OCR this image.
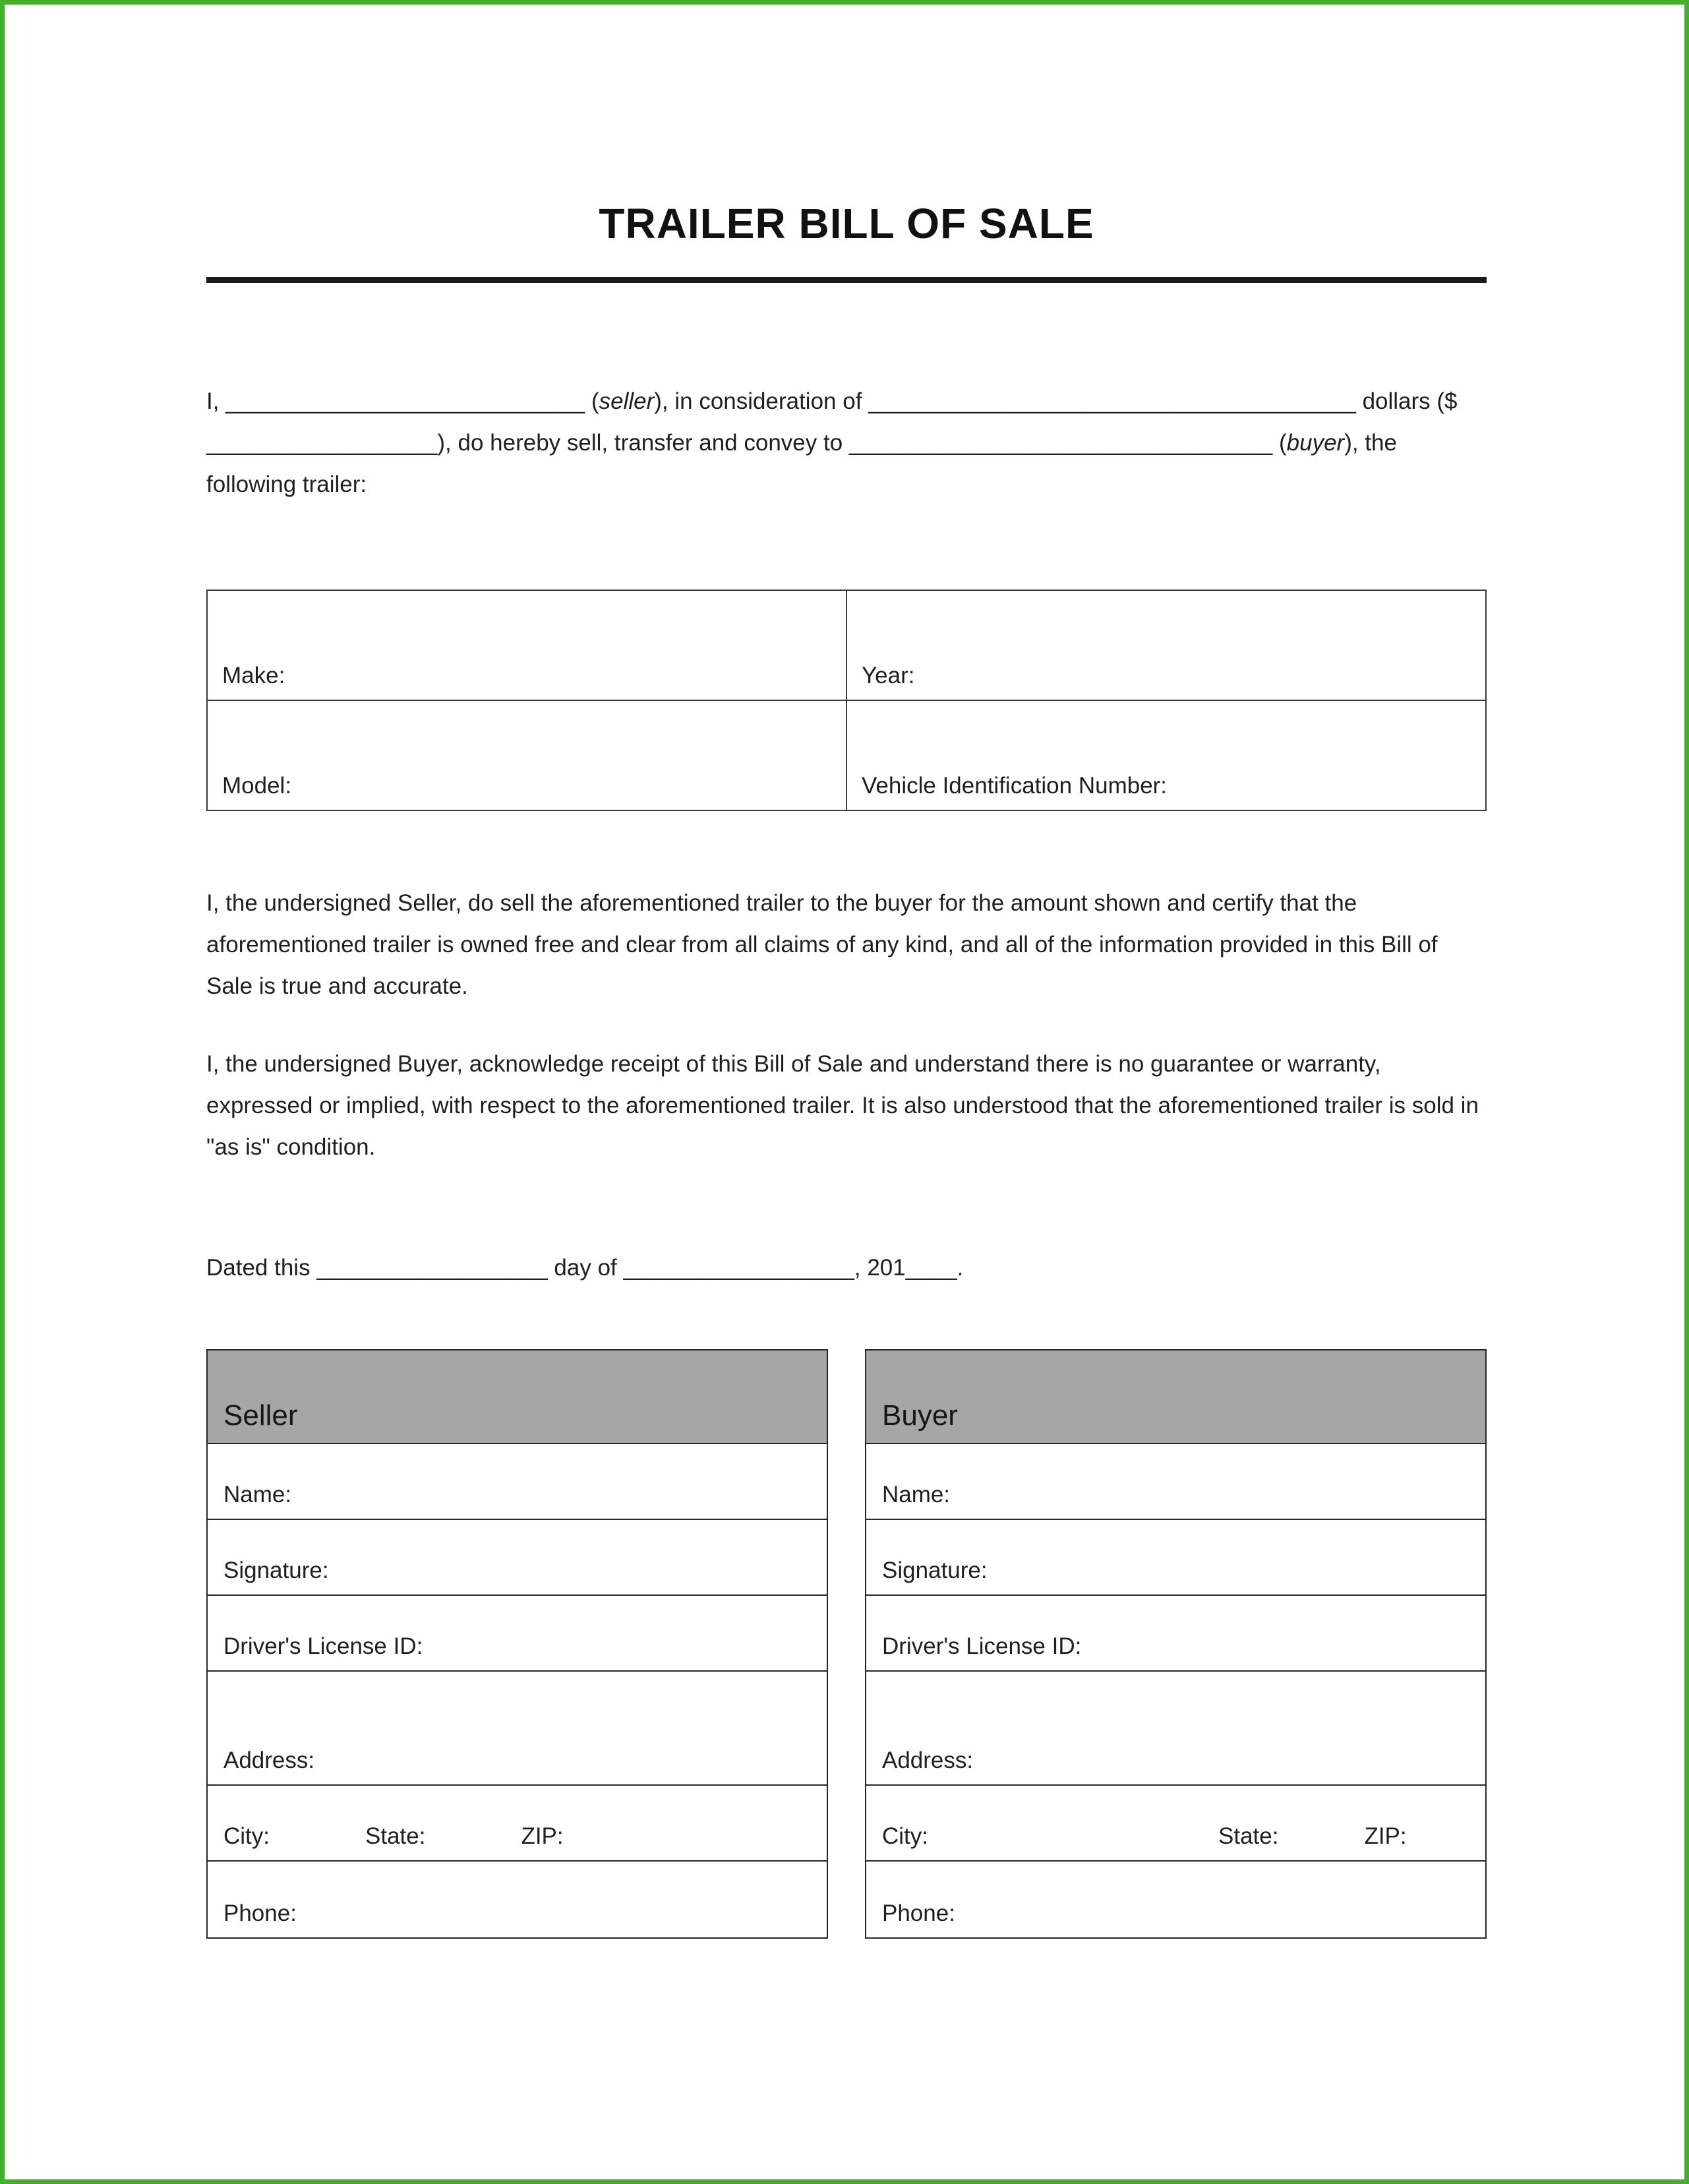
TRAILER BILL OF SALE

I, ____________________________ (seller), in consideration of ______________________________________ dollars ($ __________________), do hereby sell, transfer and convey to _________________________________ (buyer), the following trailer:

Make:	Year:
Model:	Vehicle Identification Number:

I, the undersigned Seller, do sell the aforementioned trailer to the buyer for the amount shown and certify that the aforementioned trailer is owned free and clear from all claims of any kind, and all of the information provided in this Bill of Sale is true and accurate.

I, the undersigned Buyer, acknowledge receipt of this Bill of Sale and understand there is no guarantee or warranty, expressed or implied, with respect to the aforementioned trailer. It is also understood that the aforementioned trailer is sold in "as is" condition.

Dated this __________________ day of __________________, 201____.

Seller
Name:
Signature:
Driver's License ID:
Address:
City:	State:	ZIP:
Phone:
Buyer
Name:
Signature:
Driver's License ID:
Address:
City:	State:	ZIP:
Phone:
